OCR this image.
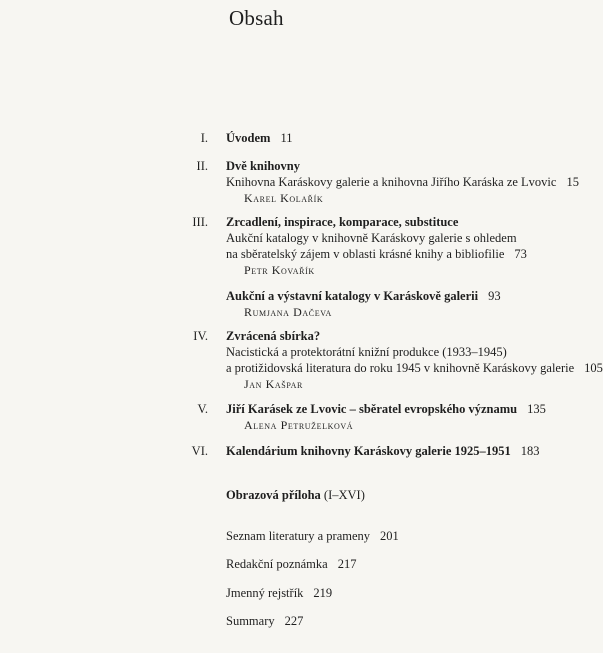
Obsah
I. Úvodem 11
II. Dvě knihovny
Knihovna Karáskovy galerie a knihovna Jiřího Karáska ze Lvovic 15
Karel Kolařík
III. Zrcadlení, inspirace, komparace, substituce
Aukční katalogy v knihovně Karáskovy galerie s ohledem
na sběratelský zájem v oblasti krásné knihy a bibliofilie 73
Petr Kovařík
Aukční a výstavní katalogy v Karáskově galerii 93
Rumjana Dačeva
IV. Zvrácená sbírka?
Nacistická a protektorátní knižní produkce (1933–1945)
a protižidovská literatura do roku 1945 v knihovně Karáskovy galerie 105
Jan Kašpar
V. Jiří Karásek ze Lvovic – sběratel evropského významu 135
Alena Petruželková
VI. Kalendárium knihovny Karáskovy galerie 1925–1951 183
Obrazová příloha (I–XVI)
Seznam literatury a prameny 201
Redakční poznámka 217
Jmenný rejstřík 219
Summary 227
